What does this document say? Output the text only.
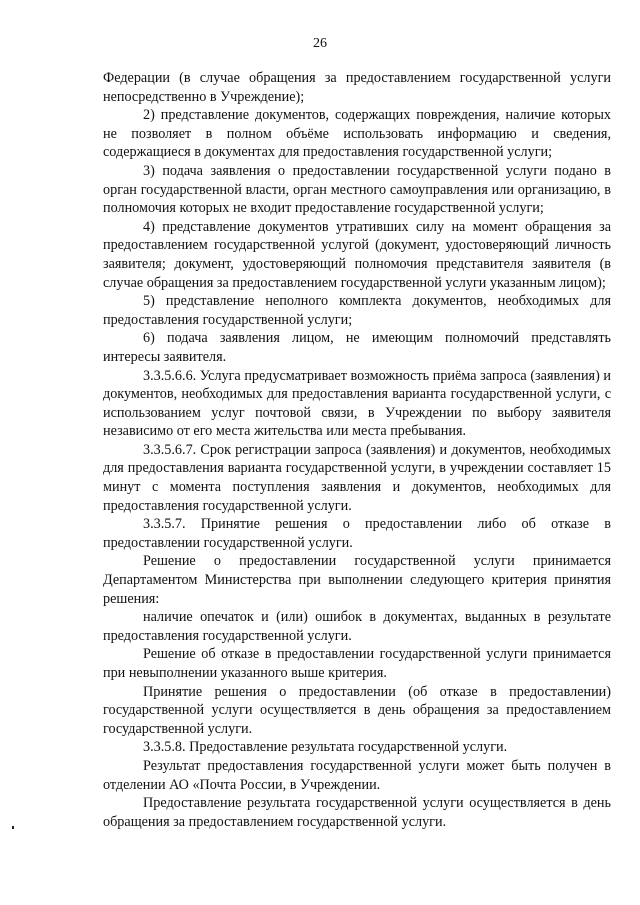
26

Федерации (в случае обращения за предоставлением государственной услуги непосредственно в Учреждение);

2) представление документов, содержащих повреждения, наличие которых не позволяет в полном объёме использовать информацию и сведения, содержащиеся в документах для предоставления государственной услуги;

3) подача заявления о предоставлении государственной услуги подано в орган государственной власти, орган местного самоуправления или организацию, в полномочия которых не входит предоставление государственной услуги;

4) представление документов утративших силу на момент обращения за предоставлением государственной услугой (документ, удостоверяющий личность заявителя; документ, удостоверяющий полномочия представителя заявителя (в случае обращения за предоставлением государственной услуги указанным лицом);

5) представление неполного комплекта документов, необходимых для предоставления государственной услуги;

6) подача заявления лицом, не имеющим полномочий представлять интересы заявителя.

3.3.5.6.6. Услуга предусматривает возможность приёма запроса (заявления) и документов, необходимых для предоставления варианта государственной услуги, с использованием услуг почтовой связи, в Учреждении по выбору заявителя независимо от его места жительства или места пребывания.

3.3.5.6.7. Срок регистрации запроса (заявления) и документов, необходимых для предоставления варианта государственной услуги, в учреждении составляет 15 минут с момента поступления заявления и документов, необходимых для предоставления государственной услуги.

3.3.5.7. Принятие решения о предоставлении либо об отказе в предоставлении государственной услуги.

Решение о предоставлении государственной услуги принимается Департаментом Министерства при выполнении следующего критерия принятия решения:

наличие опечаток и (или) ошибок в документах, выданных в результате предоставления государственной услуги.

Решение об отказе в предоставлении государственной услуги принимается при невыполнении указанного выше критерия.

Принятие решения о предоставлении (об отказе в предоставлении) государственной услуги осуществляется в день обращения за предоставлением государственной услуги.

3.3.5.8. Предоставление результата государственной услуги.

Результат предоставления государственной услуги может быть получен в отделении АО «Почта России, в Учреждении.

Предоставление результата государственной услуги осуществляется в день обращения за предоставлением государственной услуги.
